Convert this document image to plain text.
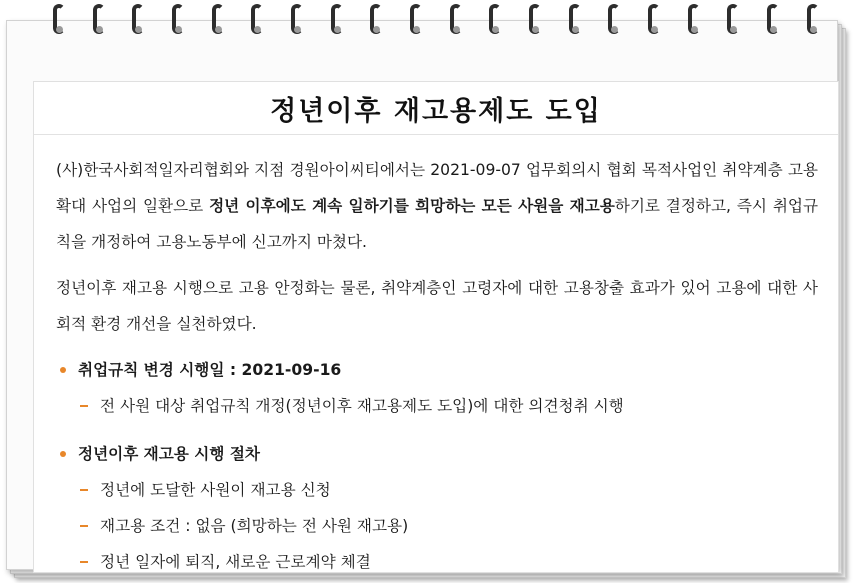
정년이후 재고용제도 도입

(사)한국사회적일자리협회와 지점 경원아이씨티에서는 2021-09-07 업무회의시 협회 목적사업인 취약계층 고용확대 사업의 일환으로 정년 이후에도 계속 일하기를 희망하는 모든 사원을 재고용하기로 결정하고, 즉시 취업규칙을 개정하여 고용노동부에 신고까지 마쳤다.

정년이후 재고용 시행으로 고용 안정화는 물론, 취약계층인 고령자에 대한 고용창출 효과가 있어 고용에 대한 사회적 환경 개선을 실천하였다.

취업규칙 변경 시행일 : 2021-09-16
전 사원 대상 취업규칙 개정(정년이후 재고용제도 도입)에 대한 의견청취 시행
정년이후 재고용 시행 절차
정년에 도달한 사원이 재고용 신청
재고용 조건 : 없음 (희망하는 전 사원 재고용)
정년 일자에 퇴직, 새로운 근로계약 체결
